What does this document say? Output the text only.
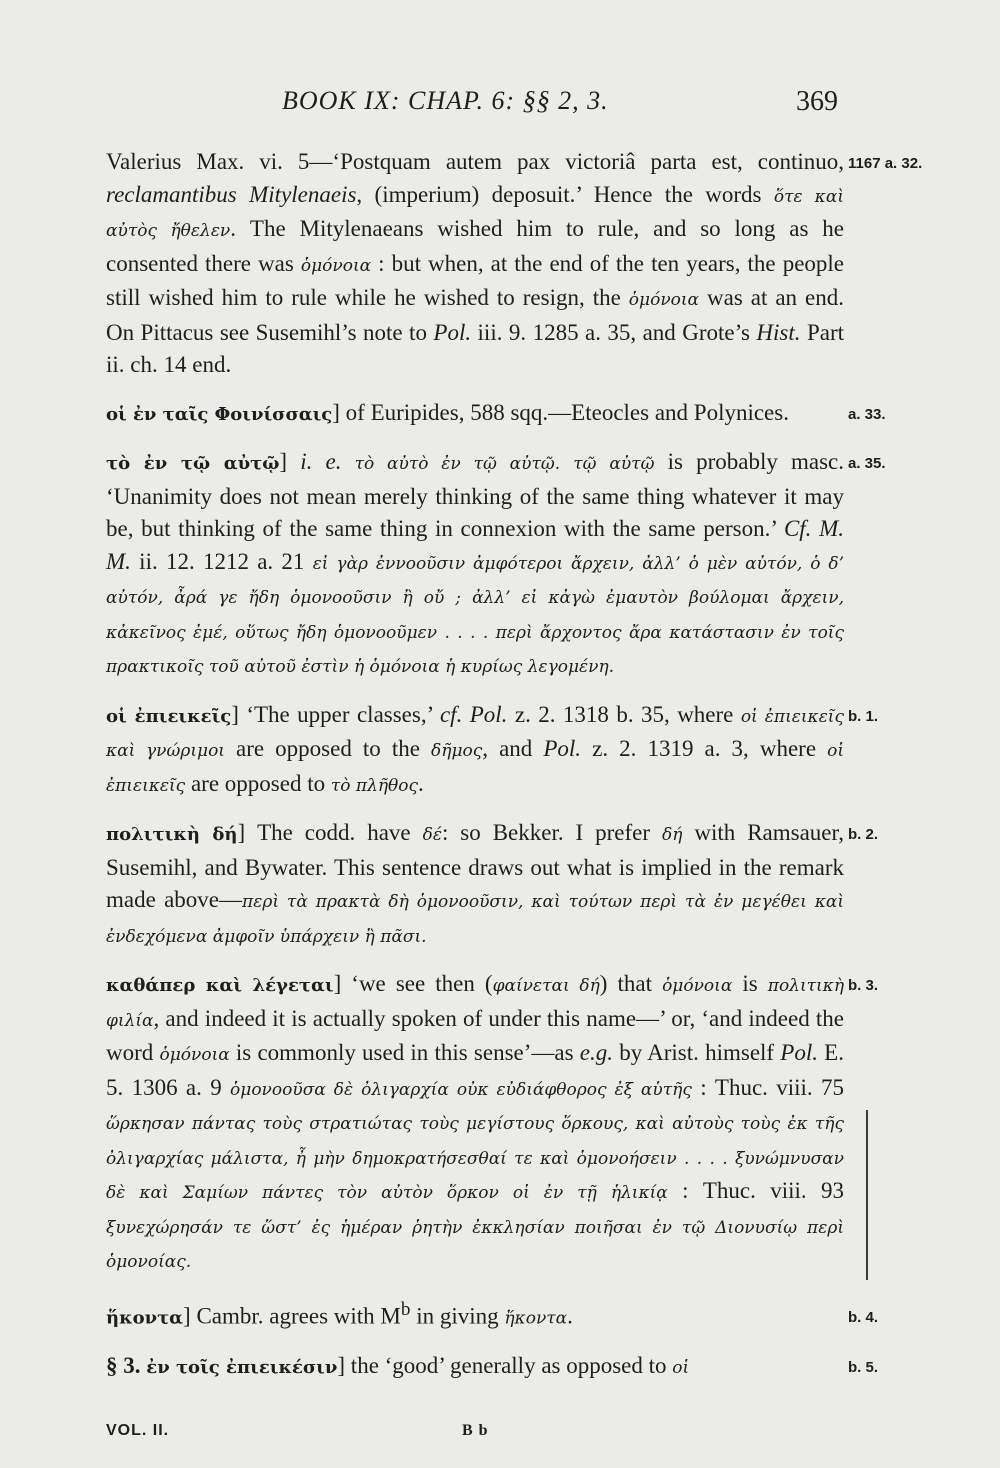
BOOK IX: CHAP. 6: §§ 2, 3.	369
1167 a. 32.
Valerius Max. vi. 5—‘Postquam autem pax victoriâ parta est, continuo, reclamantibus Mitylenaeis, (imperium) deposuit.’ Hence the words ὅτε καὶ αὐτὸς ἤθελεν. The Mitylenaeans wished him to rule, and so long as he consented there was ὁμόνοια : but when, at the end of the ten years, the people still wished him to rule while he wished to resign, the ὁμόνοια was at an end. On Pittacus see Susemihl’s note to Pol. iii. 9. 1285 a. 35, and Grote’s Hist. Part ii. ch. 14 end.
a. 33.
οἱ ἐν ταῖς Φοινίσσαις] of Euripides, 588 sqq.—Eteocles and Polynices.
a. 35.
τὸ ἐν τῷ αὐτῷ] i. e. τὸ αὐτὸ ἐν τῷ αὐτῷ. τῷ αὐτῷ is probably masc. ‘Unanimity does not mean merely thinking of the same thing whatever it may be, but thinking of the same thing in connexion with the same person.’ Cf. M. M. ii. 12. 1212 a. 21 εἰ γὰρ ἐννοοῦσιν ἀμφότεροι ἄρχειν, ἀλλ’ ὁ μὲν αὐτόν, ὁ δ’ αὐτόν, ἆρά γε ἤδη ὁμονοοῦσιν ἢ οὔ ; ἀλλ’ εἰ κἀγὼ ἐμαυτὸν βούλομαι ἄρχειν, κἀκεῖνος ἐμέ, οὕτως ἤδη ὁμονοοῦμεν . . . . περὶ ἄρχοντος ἄρα κατάστασιν ἐν τοῖς πρακτικοῖς τοῦ αὐτοῦ ἐστὶν ἡ ὁμόνοια ἡ κυρίως λεγομένη.
b. 1.
οἱ ἐπιεικεῖς] ‘The upper classes,’ cf. Pol. z. 2. 1318 b. 35, where οἱ ἐπιεικεῖς καὶ γνώριμοι are opposed to the δῆμος, and Pol. z. 2. 1319 a. 3, where οἱ ἐπιεικεῖς are opposed to τὸ πλῆθος.
b. 2.
πολιτικὴ δή] The codd. have δέ: so Bekker. I prefer δή with Ramsauer, Susemihl, and Bywater. This sentence draws out what is implied in the remark made above—περὶ τὰ πρακτὰ δὴ ὁμονοοῦσιν, καὶ τούτων περὶ τὰ ἐν μεγέθει καὶ ἐνδεχόμενα ἀμφοῖν ὑπάρχειν ἢ πᾶσι.
b. 3.
καθάπερ καὶ λέγεται] ‘we see then (φαίνεται δή) that ὁμόνοια is πολιτικὴ φιλία, and indeed it is actually spoken of under this name—’ or, ‘and indeed the word ὁμόνοια is commonly used in this sense’—as e.g. by Arist. himself Pol. E. 5. 1306 a. 9 ὁμονοοῦσα δὲ ὀλιγαρχία οὐκ εὐδιάφθορος ἐξ αὑτῆς : Thuc. viii. 75 ὥρκησαν πάντας τοὺς στρατιώτας τοὺς μεγίστους ὅρκους, καὶ αὐτοὺς τοὺς ἐκ τῆς ὀλιγαρχίας μάλιστα, ἦ μὴν δημοκρατήσεσθαί τε καὶ ὁμονοήσειν . . . . ξυνώμνυσαν δὲ καὶ Σαμίων πάντες τὸν αὐτὸν ὅρκον οἱ ἐν τῇ ἡλικίᾳ : Thuc. viii. 93 ξυνεχώρησάν τε ὥστ’ ἐς ἡμέραν ῥητὴν ἐκκλησίαν ποιῆσαι ἐν τῷ Διονυσίῳ περὶ ὁμονοίας.
b. 4.
ἥκοντα] Cambr. agrees with $M^b$ in giving ἥκοντα.
b. 5.
§ 3. ἐν τοῖς ἐπιεικέσιν] the ‘good’ generally as opposed to οἱ
VOL. II.	B b
